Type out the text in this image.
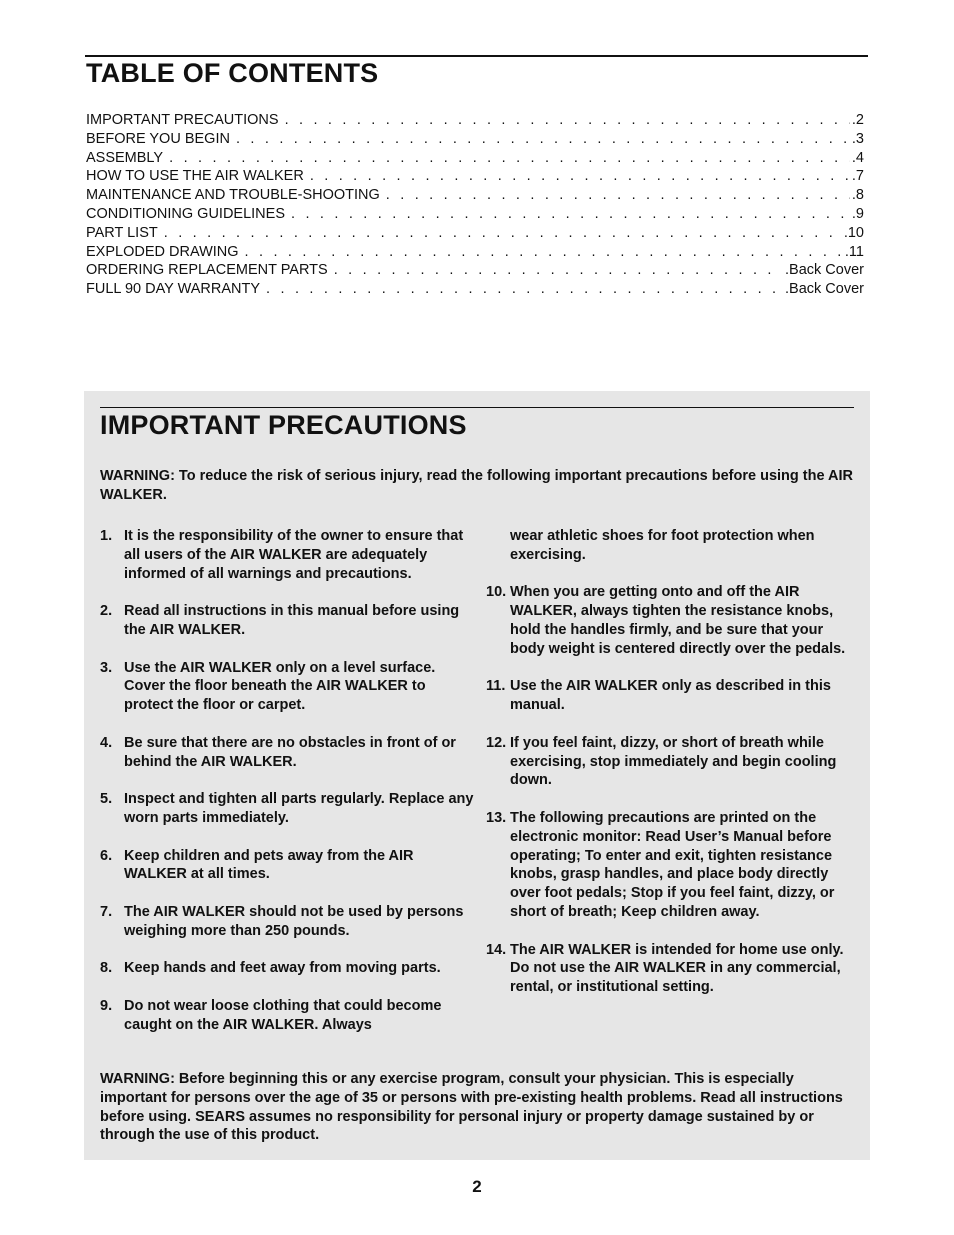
TABLE OF CONTENTS
IMPORTANT PRECAUTIONS . . .	.2
BEFORE YOU BEGIN . . .	.3
ASSEMBLY . . .	.4
HOW TO USE THE AIR WALKER . . .	.7
MAINTENANCE AND TROUBLE-SHOOTING . . .	.8
CONDITIONING GUIDELINES . . .	.9
PART LIST . . .	.10
EXPLODED DRAWING . . .	.11
ORDERING REPLACEMENT PARTS . . .	.Back Cover
FULL 90 DAY WARRANTY . . .	.Back Cover
IMPORTANT PRECAUTIONS

WARNING: To reduce the risk of serious injury, read the following important precautions before using the AIR WALKER.

1. It is the responsibility of the owner to ensure that all users of the AIR WALKER are adequately informed of all warnings and precautions.
2. Read all instructions in this manual before using the AIR WALKER.
3. Use the AIR WALKER only on a level surface. Cover the floor beneath the AIR WALKER to protect the floor or carpet.
4. Be sure that there are no obstacles in front of or behind the AIR WALKER.
5. Inspect and tighten all parts regularly. Replace any worn parts immediately.
6. Keep children and pets away from the AIR WALKER at all times.
7. The AIR WALKER should not be used by persons weighing more than 250 pounds.
8. Keep hands and feet away from moving parts.
9. Do not wear loose clothing that could become caught on the AIR WALKER. Always
wear athletic shoes for foot protection when exercising.
10. When you are getting onto and off the AIR WALKER, always tighten the resistance knobs, hold the handles firmly, and be sure that your body weight is centered directly over the pedals.
11. Use the AIR WALKER only as described in this manual.
12. If you feel faint, dizzy, or short of breath while exercising, stop immediately and begin cooling down.
13. The following precautions are printed on the electronic monitor: Read User’s Manual before operating; To enter and exit, tighten resistance knobs, grasp handles, and place body directly over foot pedals; Stop if you feel faint, dizzy, or short of breath; Keep children away.
14. The AIR WALKER is intended for home use only. Do not use the AIR WALKER in any commercial, rental, or institutional setting.

WARNING: Before beginning this or any exercise program, consult your physician. This is especially important for persons over the age of 35 or persons with pre-existing health problems. Read all instructions before using. SEARS assumes no responsibility for personal injury or property damage sustained by or through the use of this product.

2
